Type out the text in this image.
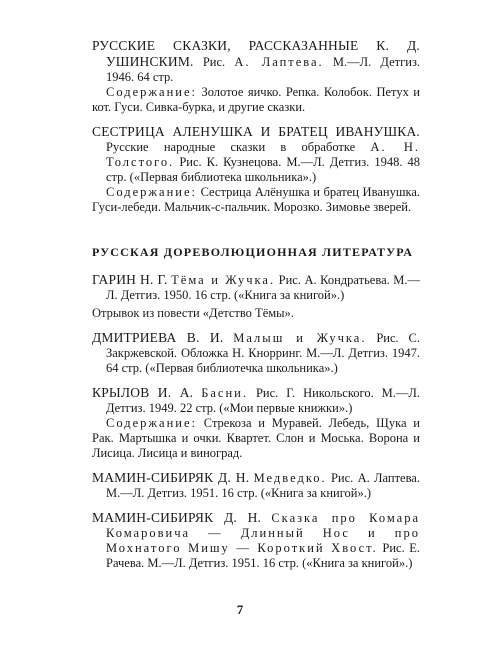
РУССКИЕ СКАЗКИ, РАССКАЗАННЫЕ К. Д. УШИНСКИМ. Рис. А. Лаптева. М.—Л. Детгиз. 1946. 64 стр.
Содержание: Золотое яичко. Репка. Колобок. Петух и кот. Гуси. Сивка-бурка, и другие сказки.
СЕСТРИЦА АЛЕНУШКА И БРАТЕЦ ИВАНУШКА. Русские народные сказки в обработке А. Н. Толстого. Рис. К. Кузнецова. М.—Л. Детгиз. 1948. 48 стр. («Первая библиотека школьника».)
Содержание: Сестрица Алёнушка и братец Иванушка. Гуси-лебеди. Мальчик-с-пальчик. Морозко. Зимовье зверей.
РУССКАЯ ДОРЕВОЛЮЦИОННАЯ ЛИТЕРАТУРА
ГАРИН Н. Г. Тёма и Жучка. Рис. А. Кондратьева. М.—Л. Детгиз. 1950. 16 стр. («Книга за книгой».)
Отрывок из повести «Детство Тёмы».
ДМИТРИЕВА В. И. Малыш и Жучка. Рис. С. Закржевской. Обложка Н. Кнорринг. М.—Л. Детгиз. 1947. 64 стр. («Первая библиотечка школьника».)
КРЫЛОВ И. А. Басни. Рис. Г. Никольского. М.—Л. Детгиз. 1949. 22 стр. («Мои первые книжки».)
Содержание: Стрекоза и Муравей. Лебедь, Щука и Рак. Мартышка и очки. Квартет. Слон и Моська. Ворона и Лисица. Лисица и виноград.
МАМИН-СИБИРЯК Д. Н. Медведко. Рис. А. Лаптева. М.—Л. Детгиз. 1951. 16 стр. («Книга за книгой».)
МАМИН-СИБИРЯК Д. Н. Сказка про Комара Комаровича — Длинный Нос и про Мохнатого Мишу — Короткий Хвост. Рис. Е. Рачева. М.—Л. Детгиз. 1951. 16 стр. («Книга за книгой».)
7
